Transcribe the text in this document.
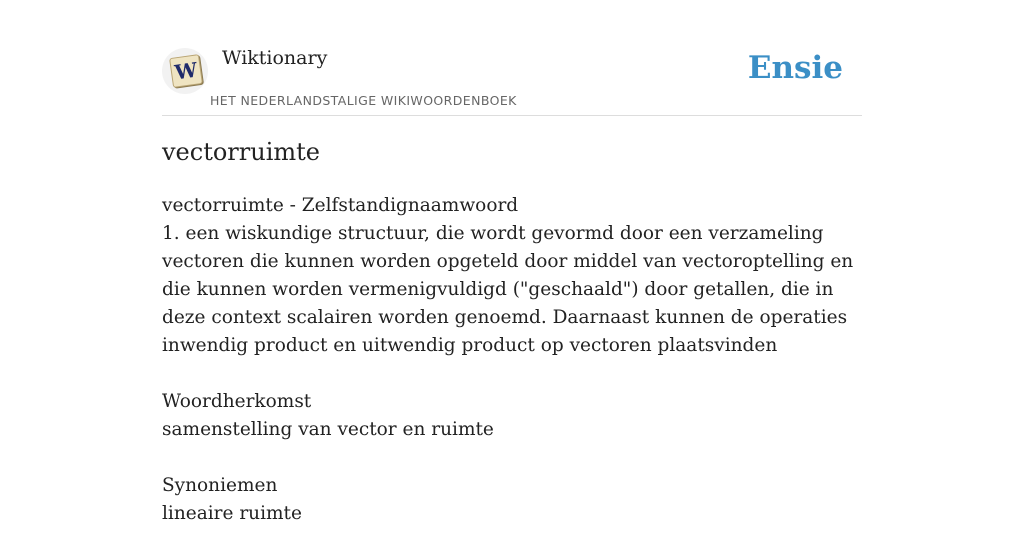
W Wiktionary
HET NEDERLANDSTALIGE WIKIWOORDENBOEK
Ensie
vectorruimte

vectorruimte - Zelfstandignaamwoord
1. een wiskundige structuur, die wordt gevormd door een verzameling vectoren die kunnen worden opgeteld door middel van vectoroptelling en die kunnen worden vermenigvuldigd ("geschaald") door getallen, die in deze context scalairen worden genoemd. Daarnaast kunnen de operaties inwendig product en uitwendig product op vectoren plaatsvinden

Woordherkomst
samenstelling van vector en ruimte

Synoniemen
lineaire ruimte
